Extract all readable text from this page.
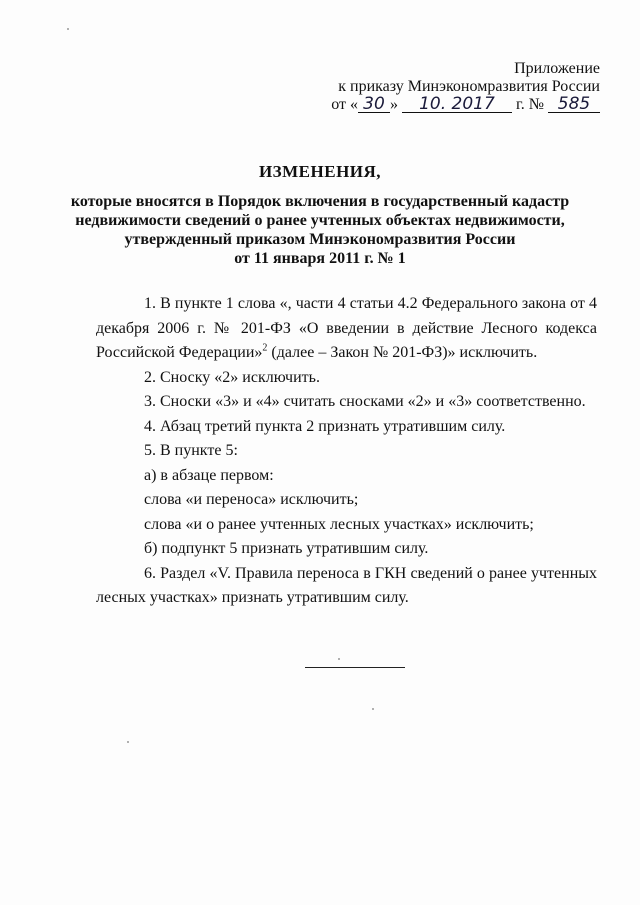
Приложение
к приказу Минэкономразвития России
от « 30 » 10. 2017 г. № 585
ИЗМЕНЕНИЯ,
которые вносятся в Порядок включения в государственный кадастр
недвижимости сведений о ранее учтенных объектах недвижимости,
утвержденный приказом Минэкономразвития России
от 11 января 2011 г. № 1

1. В пункте 1 слова «, части 4 статьи 4.2 Федерального закона от 4 декабря 2006 г. № 201-ФЗ «О введении в действие Лесного кодекса Российской Федерации»$^2$ (далее – Закон № 201-ФЗ)» исключить.

2. Сноску «2» исключить.

3. Сноски «3» и «4» считать сносками «2» и «3» соответственно.

4. Абзац третий пункта 2 признать утратившим силу.

5. В пункте 5:

а) в абзаце первом:

слова «и переноса» исключить;

слова «и о ранее учтенных лесных участках» исключить;

б) подпункт 5 признать утратившим силу.

6. Раздел «V. Правила переноса в ГКН сведений о ранее учтенных лесных участках» признать утратившим силу.
